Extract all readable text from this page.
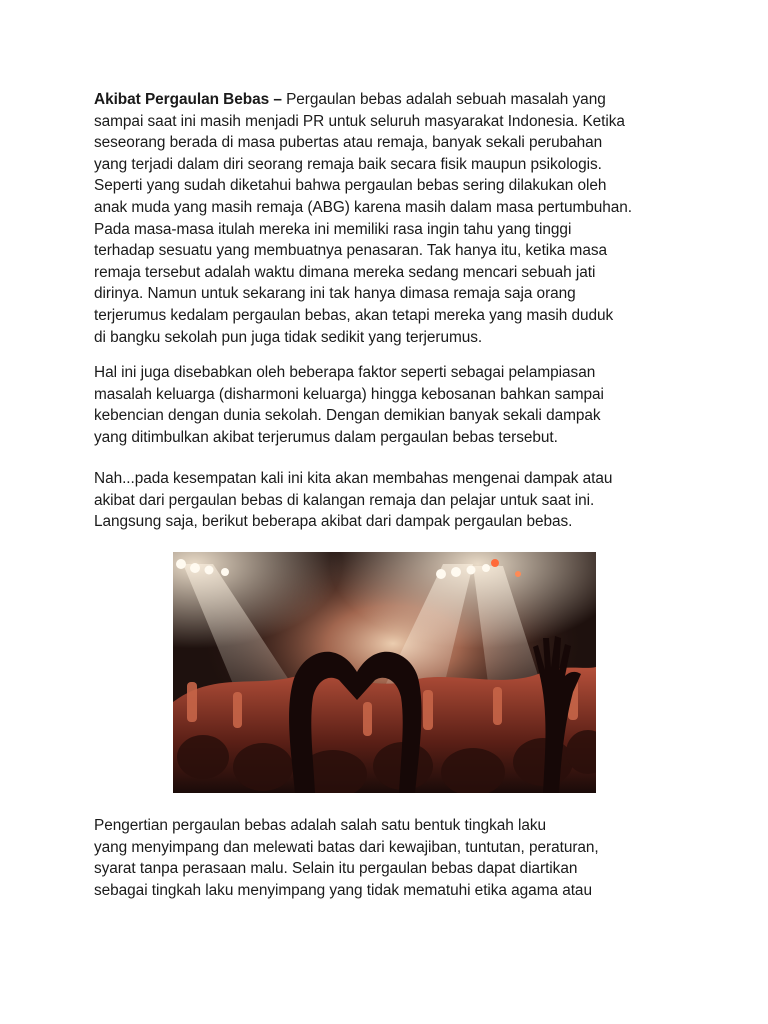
Akibat Pergaulan Bebas – Pergaulan bebas adalah sebuah masalah yang
sampai saat ini masih menjadi PR untuk seluruh masyarakat Indonesia. Ketika
seseorang berada di masa pubertas atau remaja, banyak sekali perubahan
yang terjadi dalam diri seorang remaja baik secara fisik maupun psikologis.
Seperti yang sudah diketahui bahwa pergaulan bebas sering dilakukan oleh
anak muda yang masih remaja (ABG) karena masih dalam masa pertumbuhan.
Pada masa-masa itulah mereka ini memiliki rasa ingin tahu yang tinggi
terhadap sesuatu yang membuatnya penasaran. Tak hanya itu, ketika masa
remaja tersebut adalah waktu dimana mereka sedang mencari sebuah jati
dirinya. Namun untuk sekarang ini tak hanya dimasa remaja saja orang
terjerumus kedalam pergaulan bebas, akan tetapi mereka yang masih duduk
di bangku sekolah pun juga tidak sedikit yang terjerumus.

Hal ini juga disebabkan oleh beberapa faktor seperti sebagai pelampiasan
masalah keluarga (disharmoni keluarga) hingga kebosanan bahkan sampai
kebencian dengan dunia sekolah. Dengan demikian banyak sekali dampak
yang ditimbulkan akibat terjerumus dalam pergaulan bebas tersebut.

Nah...pada kesempatan kali ini kita akan membahas mengenai dampak atau
akibat dari pergaulan bebas di kalangan remaja dan pelajar untuk saat ini.
Langsung saja, berikut beberapa akibat dari dampak pergaulan bebas.

Pengertian pergaulan bebas adalah salah satu bentuk tingkah laku
yang menyimpang dan melewati batas dari kewajiban, tuntutan, peraturan,
syarat tanpa perasaan malu. Selain itu pergaulan bebas dapat diartikan
sebagai tingkah laku menyimpang yang tidak mematuhi etika agama atau
